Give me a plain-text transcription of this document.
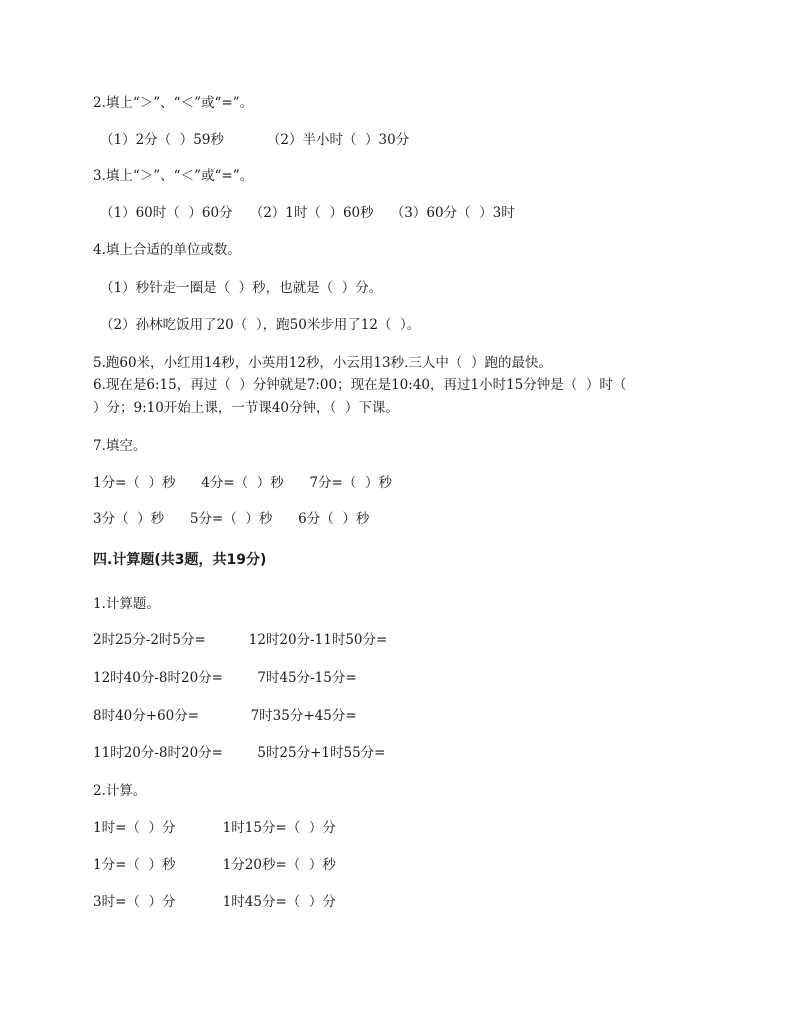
2.填上“＞”、“＜”或“=”。
（1）2分（  ）59秒          （2）半小时（  ）30分
3.填上“＞”、“＜”或“=”。
（1）60时（  ）60分    （2）1时（  ）60秒    （3）60分（  ）3时
4.填上合适的单位或数。
（1）秒针走一圈是（  ）秒，也就是（  ）分。
（2）孙林吃饭用了20（  ），跑50米步用了12（  ）。
5.跑60米，小红用14秒，小英用12秒，小云用13秒.三人中（  ）跑的最快。
6.现在是6:15，再过（  ）分钟就是7:00；现在是10:40，再过1小时15分钟是（  ）时（
）分；9:10开始上课，一节课40分钟，（  ）下课。
7.填空。
1分=（  ）秒      4分=（  ）秒      7分=（  ）秒
3分（  ）秒      5分=（  ）秒      6分（  ）秒
四.计算题(共3题，共19分)
1.计算题。
2时25分-2时5分=          12时20分-11时50分=
12时40分-8时20分=        7时45分-15分=
8时40分+60分=            7时35分+45分=
11时20分-8时20分=        5时25分+1时55分=
2.计算。
1时=（  ）分           1时15分=（  ）分
1分=（  ）秒           1分20秒=（  ）秒
3时=（  ）分           1时45分=（  ）分
